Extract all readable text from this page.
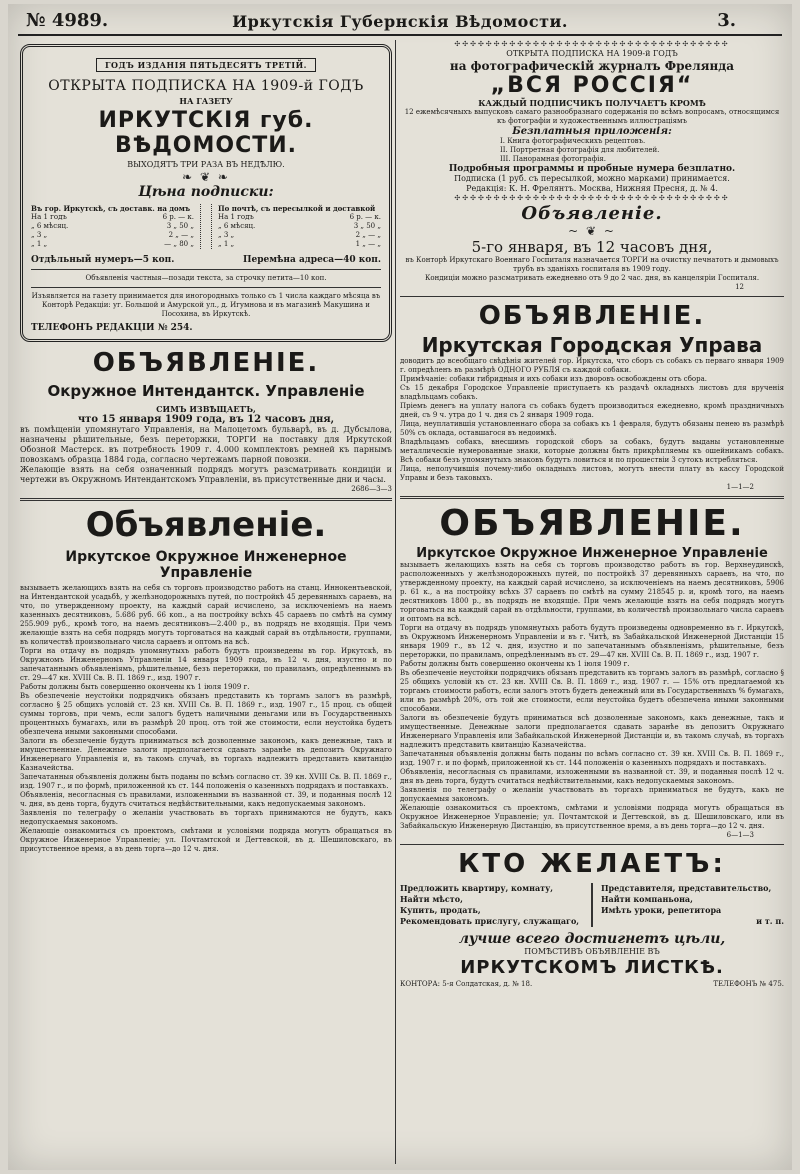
№ 4989.	Иркутскія Губернскія Вѣдомости.	3.
ГОДЪ ИЗДАНІЯ ПЯТЬДЕСЯТЪ ТРЕТІЙ.
ОТКРЫТА ПОДПИСКА НА 1909-й ГОДЪ
НА ГАЗЕТУ
ИРКУТСКІЯ губ. ВѢДОМОСТИ.
ВЫХОДЯТЪ ТРИ РАЗА ВЪ НЕДѢЛЮ.
❧ ❦ ❧
Цѣна подписки:
Въ гор. Иркутскѣ, съ доставк. на домъ
На 1 годъ	6 р. — к.
„ 6 мѣсяц.	3 „ 50 „
„ 3 „	2 „ — „
„ 1 „	— „ 80 „
По почтѣ, съ пересылкой и доставкой
На 1 годъ	6 р. — к.
„ 6 мѣсяц.	3 „ 50 „
„ 3 „	2 „ — „
„ 1 „	1 „ — „
Отдѣльный нумеръ—5 коп.	Перемѣна адреса—40 коп.
Объявленія частныя—позади текста, за строчку петита—10 коп.
Изъявляется на газету принимается для иногородныхъ только съ 1 числа каждаго мѣсяца въ Конторѣ Редакціи: уг. Большой и Амурской ул., д. Игумнова и въ магазинѣ Макушина и Посохина, въ Иркутскѣ.
ТЕЛЕФОНЪ РЕДАКЦІИ № 254.
ОБЪЯВЛЕНІЕ.
Окружное Интендантск. Управленіе
СИМЪ ИЗВѢЩАЕТЪ,
что 15 января 1909 года, въ 12 часовъ дня,
въ помѣщеніи упомянутаго Управленія, на Малоцетомъ бульварѣ, въ д. Дубсылова, назначены рѣшительные, безъ переторжки, ТОРГИ на поставку для Иркутской Обозной Мастерск. въ потребность 1909 г. 4.000 комплектовъ ремней къ парнымъ повозкамъ образца 1884 года, согласно чертежамъ парной повозки.
Желающіе взять на себя означенный подрядъ могутъ разсматривать кондиціи и чертежи въ Окружномъ Интендантскомъ Управленіи, въ присутственные дни и часы.
2686—3—3
Объявленіе.
Иркутское Окружное Инженерное Управленіе
вызываетъ желающихъ взять на себя съ торговъ производство работъ на станц. Иннокентьевской, на Интендантской усадьбѣ, у желѣзнодорожныхъ путей, по постройкѣ 45 деревянныхъ сараевъ, на что, по утвержденному проекту, на каждый сарай исчислено, за исключеніемъ на наемъ казенныхъ десятниковъ, 5.686 руб. 66 коп., а на постройку всѣхъ 45 сараевъ по смѣтѣ на сумму 255.909 руб., кромѣ того, на наемъ десятниковъ—2.400 р., въ подрядъ не входящія. При чемъ желающіе взять на себя подрядъ могутъ торговаться на каждый сарай въ отдѣльности, группами, въ количествѣ произвольнаго числа сараевъ и оптомъ на всѣ.
Торги на отдачу въ подрядъ упомянутыхъ работъ будутъ произведены въ гор. Иркутскѣ, въ Окружномъ Инженерномъ Управленіи 14 января 1909 года, въ 12 ч. дня, изустно и по запечатаннымъ объявленіямъ, рѣшительные, безъ переторжки, по правиламъ, опредѣленнымъ въ ст. 29—47 кн. XVIII Св. В. П. 1869 г., изд. 1907 г.
Работы должны быть совершенно окончены къ 1 іюля 1909 г.
Въ обезпеченіе неустойки подрядчикъ обязанъ представить къ торгамъ залогъ въ размѣрѣ, согласно § 25 общихъ условій ст. 23 кн. XVIII Св. В. П. 1869 г., изд. 1907 г., 15 проц. съ общей суммы торговъ, при чемъ, если залогъ будетъ наличными деньгами или въ Государственныхъ процентныхъ бумагахъ, или въ размѣрѣ 20 проц. отъ той же стоимости, если неустойка будетъ обезпечена иными законными способами.
Залоги въ обезпеченіе будутъ приниматься всѣ дозволенные закономъ, какъ денежные, такъ и имущественные. Денежные залоги предполагается сдавать заранѣе въ депозитъ Окружнаго Инженернаго Управленія и, въ такомъ случаѣ, въ торгахъ надлежитъ представить квитанцію Казначейства.
Запечатанныя объявленія должны быть поданы по всѣмъ согласно ст. 39 кн. XVIII Св. В. П. 1869 г., изд. 1907 г., и по формѣ, приложенной къ ст. 144 положенія о казенныхъ подрядахъ и поставкахъ.
Объявленія, несогласныя съ правилами, изложенными въ названной ст. 39, и поданныя послѣ 12 ч. дня, въ день торга, будутъ считаться недѣйствительными, какъ недопускаемыя закономъ.
Заявленія по телеграфу о желаніи участвовать въ торгахъ принимаются не будутъ, какъ недопускаемыя закономъ.
Желающіе ознакомиться съ проектомъ, смѣтами и условіями подряда могутъ обращаться въ Окружное Инженерное Управленіе; ул. Почтамтской и Дегтевской, въ д. Шешиловскаго, въ присутственное время, а въ день торга—до 12 ч. дня.
✣✣✣✣✣✣✣✣✣✣✣✣✣✣✣✣✣✣✣✣✣✣✣✣✣✣✣✣✣✣✣✣✣✣✣
ОТКРЫТА ПОДПИСКА НА 1909-й ГОДЪ
на фотографическій журналъ Фрелянда
„ВСЯ РОССІЯ“
КАЖДЫЙ ПОДПИСЧИКЪ ПОЛУЧАЕТЪ КРОМѢ
12 ежемѣсячныхъ выпусковъ самаго разнообразнаго содержанія по всѣмъ вопросамъ, относящимся къ фотографіи и художественнымъ иллюстраціямъ
Безплатныя приложенія:
I. Книга фотографическихъ рецептовъ.
II. Портретная фотографія для любителей.
III. Панорамная фотографія.
Подробныя программы и пробные нумера безплатно.
Подписка (1 руб. съ пересылкой, можно марками) принимается.
Редакція: К. Н. Фрелянтъ. Москва, Нижняя Пресня, д. № 4.
✣✣✣✣✣✣✣✣✣✣✣✣✣✣✣✣✣✣✣✣✣✣✣✣✣✣✣✣✣✣✣✣✣✣✣
Объявленіе.
~ ❦ ~
5-го января, въ 12 часовъ дня,
въ Конторѣ Иркутскаго Военнаго Госпиталя назначается ТОРГИ на очистку печнатотъ и дымовыхъ трубъ въ зданіяхъ госпиталя въ 1909 году.
Кондиціи можно разсматривать ежедневно отъ 9 до 2 час. дня, въ канцеляріи Госпиталя.
12
ОБЪЯВЛЕНІЕ.
Иркутская Городская Управа
доводитъ до всеобщаго свѣдѣнія жителей гор. Иркутска, что сборъ съ собакъ съ перваго января 1909 г. опредѣленъ въ размѣрѣ ОДНОГО РУБЛЯ съ каждой собаки.
Примѣчаніе: собаки гибридныя и ихъ собаки изъ дворовъ освобождены отъ сбора.
Съ 15 декабря Городское Управленіе приступаетъ къ раздачѣ окладныхъ листовъ для врученія владѣльцамъ собакъ.
Пріемъ денегъ на уплату налога съ собакъ будетъ производиться ежедневно, кромѣ праздничныхъ дней, съ 9 ч. утра до 1 ч. дня съ 2 января 1909 года.
Лица, неуплатившія установленнаго сбора за собакъ къ 1 февраля, будутъ обязаны пенею въ размѣрѣ 50% съ оклада, оставшагося въ недоимкѣ.
Владѣльцамъ собакъ, внесшимъ городской сборъ за собакъ, будутъ выданы установленные металлическіе нумерованные знаки, которые должны быть прикрѣпляемы къ ошейникамъ собакъ. Всѣ собаки безъ упомянутыхъ знаковъ будутъ ловиться и по прошествіи 3 сутокъ истребляться.
Лица, неполучившія почему-либо окладныхъ листовъ, могутъ внести плату въ кассу Городской Управы и безъ таковыхъ.
1—1—2
ОБЪЯВЛЕНІЕ.
Иркутское Окружное Инженерное Управленіе
вызываетъ желающихъ взять на себя съ торговъ производство работъ въ гор. Верхнеудинскѣ, расположенныхъ у желѣзнодорожныхъ путей, по постройкѣ 37 деревянныхъ сараевъ, на что, по утвержденному проекту, на каждый сарай исчислено, за исключеніемъ на наемъ десятниковъ, 5906 р. 61 к., а на постройку всѣхъ 37 сараевъ по смѣтѣ на сумму 218545 р. и, кромѣ того, на наемъ десятниковъ 1800 р., въ подрядъ не входящіе. При чемъ желающіе взять на себя подрядъ могутъ торговаться на каждый сарай въ отдѣльности, группами, въ количествѣ произвольнаго числа сараевъ и оптомъ на всѣ.
Торги на отдачу въ подрядъ упомянутыхъ работъ будутъ произведены одновременно въ г. Иркутскѣ, въ Окружномъ Инженерномъ Управленіи и въ г. Читѣ, въ Забайкальской Инженерной Дистанціи 15 января 1909 г., въ 12 ч. дня, изустно и по запечатаннымъ объявленіямъ, рѣшительные, безъ переторжки, по правиламъ, опредѣленнымъ въ ст. 29—47 кн. XVIII Св. В. П. 1869 г., изд. 1907 г.
Работы должны быть совершенно окончены къ 1 іюля 1909 г.
Въ обезпеченіе неустойки подрядчикъ обязанъ представить къ торгамъ залогъ въ размѣрѣ, согласно § 25 общихъ условій къ ст. 23 кн. XVIII Св. В. П. 1869 г., изд. 1907 г. — 15% отъ предлагаемой къ торгамъ стоимости работъ, если залогъ этотъ будетъ денежный или въ Государственныхъ % бумагахъ, или въ размѣрѣ 20%, отъ той же стоимости, если неустойка будетъ обезпечена иными законными способами.
Залоги въ обезпеченіе будутъ приниматься всѣ дозволенные закономъ, какъ денежные, такъ и имущественные. Денежные залоги предполагается сдавать заранѣе въ депозитъ Окружнаго Инженернаго Управленія или Забайкальской Инженерной Дистанціи и, въ такомъ случаѣ, въ торгахъ надлежитъ представить квитанцію Казначейства.
Запечатанныя объявленія должны быть поданы по всѣмъ согласно ст. 39 кн. XVIII Св. В. П. 1869 г., изд. 1907 г. и по формѣ, приложенной къ ст. 144 положенія о казенныхъ подрядахъ и поставкахъ.
Объявленія, несогласныя съ правилами, изложенными въ названной ст. 39, и поданныя послѣ 12 ч. дня въ день торга, будутъ считаться недѣйствительными, какъ недопускаемыя закономъ.
Заявленія по телеграфу о желаніи участвовать въ торгахъ приниматься не будутъ, какъ не допускаемыя закономъ.
Желающіе ознакомиться съ проектомъ, смѣтами и условіями подряда могутъ обращаться въ Окружное Инженерное Управленіе; ул. Почтамтской и Дегтевской, въ д. Шешиловскаго, или въ Забайкальскую Инженерную Дистанцію, въ присутственное время, а въ день торга—до 12 ч. дня.
6—1—3
КТО ЖЕЛАЕТЪ:
Предложить квартиру, комнату,
Найти мѣсто,
Купить, продать,
Рекомендовать прислугу, служащаго,
Представителя, представительство,
Найти компаньона,
Имѣть уроки, репетитора
и т. п.
лучше всего достигнетъ цѣли,
ПОМѢСТИВЪ ОБЪЯВЛЕНІЕ ВЪ
ИРКУТСКОМЪ ЛИСТКѢ.
КОНТОРА: 5-я Солдатская, д. № 18.	ТЕЛЕФОНЪ № 475.
